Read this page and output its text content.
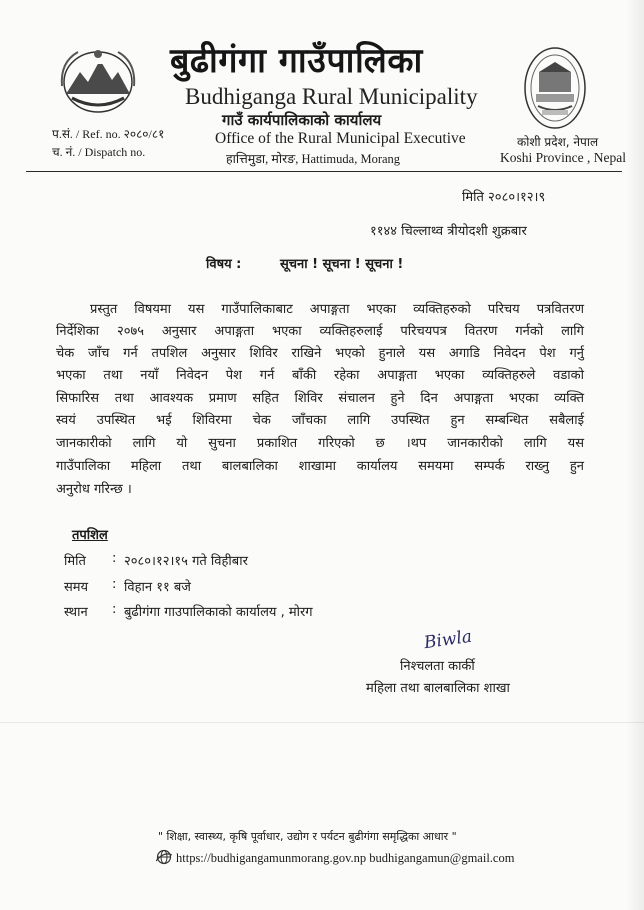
बुढीगंगा गाउँपालिका
Budhiganga Rural Municipality
गाउँ कार्यपालिकाको कार्यालय
Office of the Rural Municipal Executive
हात्तिमुडा, मोरङ, Hattimuda, Morang
प.सं. / Ref. no. २०८०/८१
च. नं. / Dispatch no.
कोशी प्रदेश, नेपाल
Koshi Province , Nepal
मिति २०८०।१२।९
११४४ चिल्लाथ्व त्रीयोदशी शुक्रबार
विषय :	सूचना ! सूचना ! सूचना !
प्रस्तुत विषयमा यस गाउँपालिकाबाट अपाङ्गता भएका व्यक्तिहरुको परिचय पत्रवितरण
निर्देशिका २०७५ अनुसार अपाङ्गता भएका व्यक्तिहरुलाई परिचयपत्र वितरण गर्नको लागि
चेक जाँच गर्न तपशिल अनुसार शिविर राखिने भएको हुनाले यस अगाडि निवेदन पेश गर्नु
भएका तथा नयाँ निवेदन पेश गर्न बाँकी रहेका अपाङ्गता भएका व्यक्तिहरुले वडाको
सिफारिस तथा आवश्यक प्रमाण सहित शिविर संचालन हुने दिन अपाङ्गता भएका व्यक्ति
स्वयं उपस्थित भई शिविरमा चेक जाँचका लागि उपस्थित हुन सम्बन्धित सबैलाई
जानकारीको लागि यो सुचना प्रकाशित गरिएको छ ।थप जानकारीको लागि यस
गाउँपालिका महिला तथा बालबालिका शाखामा कार्यालय समयमा सम्पर्क राख्नु हुन
अनुरोध गरिन्छ ।
तपशिल
मिति	: २०८०।१२।१५ गते विहीबार
समय	: विहान ११ बजे
स्थान	: बुढीगंगा गाउपालिकाको कार्यालय , मोरग
Biwla
निश्चलता कार्की
महिला तथा बालबालिका शाखा
" शिक्षा, स्वास्थ्य, कृषि पूर्वाधार, उद्योग र पर्यटन बुढीगंगा समृद्धिका आधार "
https://budhigangamunmorang.gov.np budhigangamun@gmail.com
